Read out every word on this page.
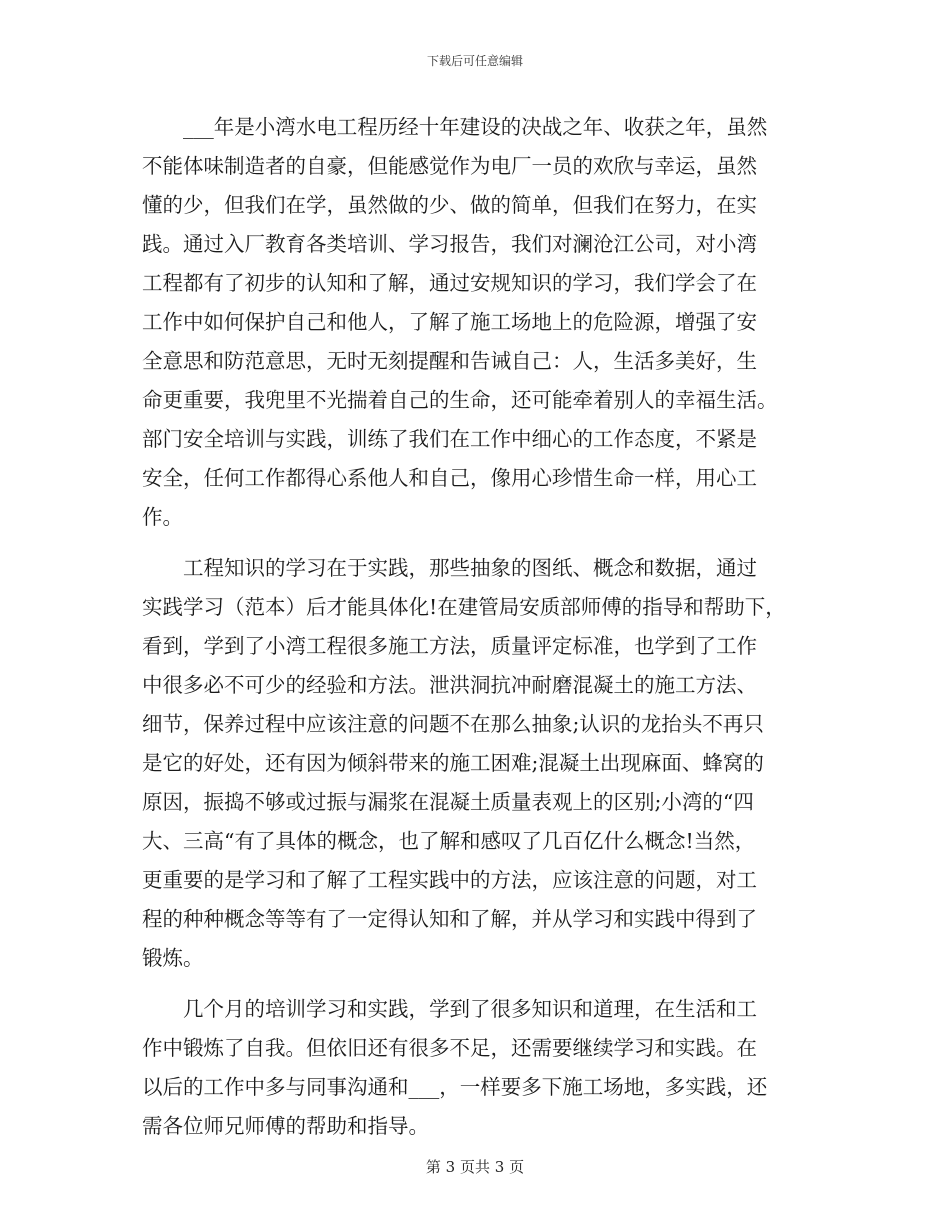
下载后可任意编辑
　　___年是小湾水电工程历经十年建设的决战之年、收获之年，虽然
不能体味制造者的自豪，但能感觉作为电厂一员的欢欣与幸运，虽然
懂的少，但我们在学，虽然做的少、做的简单，但我们在努力，在实
践。通过入厂教育各类培训、学习报告，我们对澜沧江公司，对小湾
工程都有了初步的认知和了解，通过安规知识的学习，我们学会了在
工作中如何保护自己和他人，了解了施工场地上的危险源，增强了安
全意思和防范意思，无时无刻提醒和告诫自己：人，生活多美好，生
命更重要，我兜里不光揣着自己的生命，还可能牵着别人的幸福生活。
部门安全培训与实践，训练了我们在工作中细心的工作态度，不紧是
安全，任何工作都得心系他人和自己，像用心珍惜生命一样，用心工
作。
　　工程知识的学习在于实践，那些抽象的图纸、概念和数据，通过
实践学习（范本）后才能具体化!在建管局安质部师傅的指导和帮助下，
看到，学到了小湾工程很多施工方法，质量评定标准，也学到了工作
中很多必不可少的经验和方法。泄洪洞抗冲耐磨混凝土的施工方法、
细节，保养过程中应该注意的问题不在那么抽象;认识的龙抬头不再只
是它的好处，还有因为倾斜带来的施工困难;混凝土出现麻面、蜂窝的
原因，振捣不够或过振与漏浆在混凝土质量表观上的区别;小湾的“四
大、三高“有了具体的概念，也了解和感叹了几百亿什么概念!当然，
更重要的是学习和了解了工程实践中的方法，应该注意的问题，对工
程的种种概念等等有了一定得认知和了解，并从学习和实践中得到了
锻炼。
　　几个月的培训学习和实践，学到了很多知识和道理，在生活和工
作中锻炼了自我。但依旧还有很多不足，还需要继续学习和实践。在
以后的工作中多与同事沟通和___，一样要多下施工场地，多实践，还
需各位师兄师傅的帮助和指导。
第 3 页共 3 页
